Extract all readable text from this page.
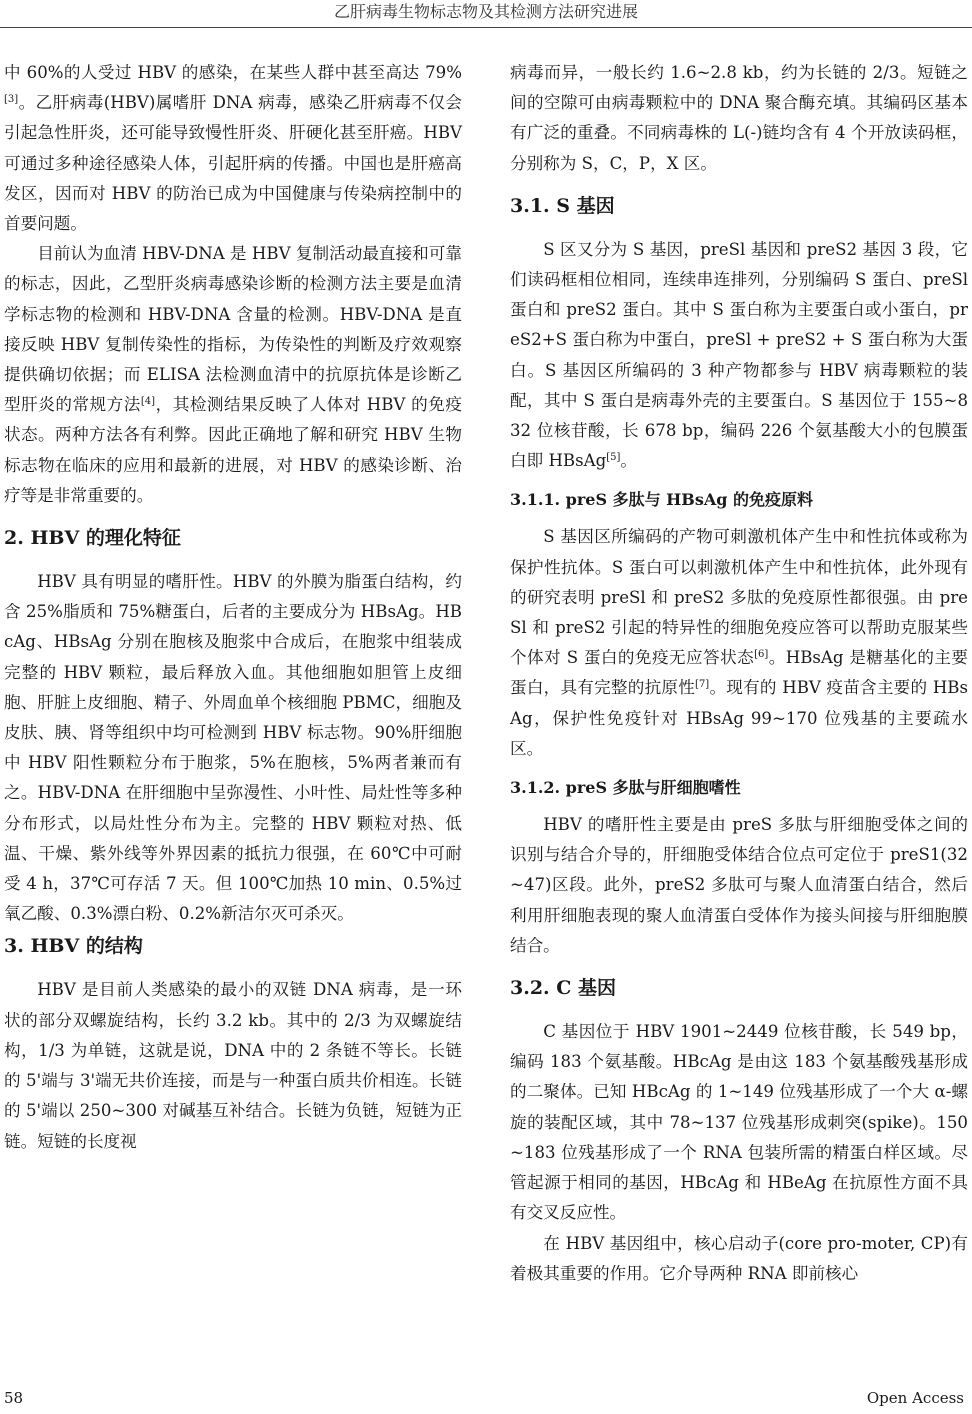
乙肝病毒生物标志物及其检测方法研究进展

中 60%的人受过 HBV 的感染，在某些人群中甚至高达 79%[3]。乙肝病毒(HBV)属嗜肝 DNA 病毒，感染乙肝病毒不仅会引起急性肝炎，还可能导致慢性肝炎、肝硬化甚至肝癌。HBV 可通过多种途径感染人体，引起肝病的传播。中国也是肝癌高发区，因而对 HBV 的防治已成为中国健康与传染病控制中的首要问题。

目前认为血清 HBV-DNA 是 HBV 复制活动最直接和可靠的标志，因此，乙型肝炎病毒感染诊断的检测方法主要是血清学标志物的检测和 HBV-DNA 含量的检测。HBV-DNA 是直接反映 HBV 复制传染性的指标，为传染性的判断及疗效观察提供确切依据；而 ELISA 法检测血清中的抗原抗体是诊断乙型肝炎的常规方法[4]，其检测结果反映了人体对 HBV 的免疫状态。两种方法各有利弊。因此正确地了解和研究 HBV 生物标志物在临床的应用和最新的进展，对 HBV 的感染诊断、治疗等是非常重要的。

2. HBV 的理化特征

HBV 具有明显的嗜肝性。HBV 的外膜为脂蛋白结构，约含 25%脂质和 75%糖蛋白，后者的主要成分为 HBsAg。HBcAg、HBsAg 分别在胞核及胞浆中合成后，在胞浆中组装成完整的 HBV 颗粒，最后释放入血。其他细胞如胆管上皮细胞、肝脏上皮细胞、精子、外周血单个核细胞 PBMC，细胞及皮肤、胰、肾等组织中均可检测到 HBV 标志物。90%肝细胞中 HBV 阳性颗粒分布于胞浆，5%在胞核，5%两者兼而有之。HBV-DNA 在肝细胞中呈弥漫性、小叶性、局灶性等多种分布形式，以局灶性分布为主。完整的 HBV 颗粒对热、低温、干燥、紫外线等外界因素的抵抗力很强，在 60℃中可耐受 4 h，37℃可存活 7 天。但 100℃加热 10 min、0.5%过氧乙酸、0.3%漂白粉、0.2%新洁尔灭可杀灭。

3. HBV 的结构

HBV 是目前人类感染的最小的双链 DNA 病毒，是一环状的部分双螺旋结构，长约 3.2 kb。其中的 2/3 为双螺旋结构，1/3 为单链，这就是说，DNA 中的 2 条链不等长。长链的 5'端与 3'端无共价连接，而是与一种蛋白质共价相连。长链的 5'端以 250~300 对碱基互补结合。长链为负链，短链为正链。短链的长度视

病毒而异，一般长约 1.6~2.8 kb，约为长链的 2/3。短链之间的空隙可由病毒颗粒中的 DNA 聚合酶充填。其编码区基本有广泛的重叠。不同病毒株的 L(-)链均含有 4 个开放读码框，分别称为 S，C，P，X 区。

3.1. S 基因

S 区又分为 S 基因，preSl 基因和 preS2 基因 3 段，它们读码框相位相同，连续串连排列，分别编码 S 蛋白、preSl 蛋白和 preS2 蛋白。其中 S 蛋白称为主要蛋白或小蛋白，preS2+S 蛋白称为中蛋白，preSl + preS2 + S 蛋白称为大蛋白。S 基因区所编码的 3 种产物都参与 HBV 病毒颗粒的装配，其中 S 蛋白是病毒外壳的主要蛋白。S 基因位于 155~832 位核苷酸，长 678 bp，编码 226 个氨基酸大小的包膜蛋白即 HBsAg[5]。

3.1.1. preS 多肽与 HBsAg 的免疫原料

S 基因区所编码的产物可刺激机体产生中和性抗体或称为保护性抗体。S 蛋白可以刺激机体产生中和性抗体，此外现有的研究表明 preSl 和 preS2 多肽的免疫原性都很强。由 preSl 和 preS2 引起的特异性的细胞免疫应答可以帮助克服某些个体对 S 蛋白的免疫无应答状态[6]。HBsAg 是糖基化的主要蛋白，具有完整的抗原性[7]。现有的 HBV 疫苗含主要的 HBsAg，保护性免疫针对 HBsAg 99~170 位残基的主要疏水区。

3.1.2. preS 多肽与肝细胞嗜性

HBV 的嗜肝性主要是由 preS 多肽与肝细胞受体之间的识别与结合介导的，肝细胞受体结合位点可定位于 preS1(32~47)区段。此外，preS2 多肽可与聚人血清蛋白结合，然后利用肝细胞表现的聚人血清蛋白受体作为接头间接与肝细胞膜结合。

3.2. C 基因

C 基因位于 HBV 1901~2449 位核苷酸，长 549 bp，编码 183 个氨基酸。HBcAg 是由这 183 个氨基酸残基形成的二聚体。已知 HBcAg 的 1~149 位残基形成了一个大 α-螺旋的装配区域，其中 78~137 位残基形成刺突(spike)。150~183 位残基形成了一个 RNA 包装所需的精蛋白样区域。尽管起源于相同的基因，HBcAg 和 HBeAg 在抗原性方面不具有交叉反应性。

在 HBV 基因组中，核心启动子(core pro-moter, CP)有着极其重要的作用。它介导两种 RNA 即前核心

58	Open Access
